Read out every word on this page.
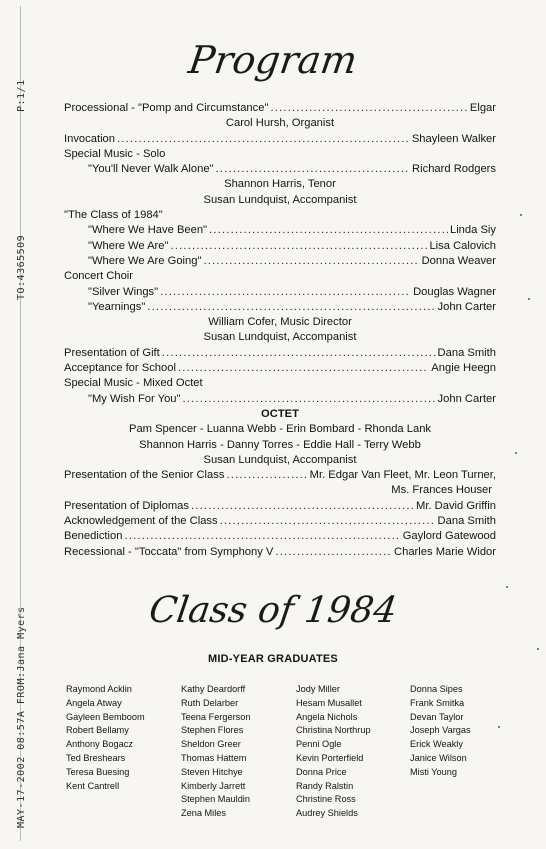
P:1/1
TO:4365509
MAY-17-2002 08:57A FROM:Jana Myers
Program
Processional - "Pomp and Circumstance" .....	Elgar
Carol Hursh, Organist
Invocation .....	Shayleen Walker
Special Music - Solo
"You'll Never Walk Alone" .....	Richard Rodgers
Shannon Harris, Tenor
Susan Lundquist, Accompanist
"The Class of 1984"
"Where We Have Been" .....	Linda Siy
"Where We Are" .....	Lisa Calovich
"Where We Are Going" .....	Donna Weaver
Concert Choir
"Silver Wings" .....	Douglas Wagner
"Yearnings" .....	John Carter
William Cofer, Music Director
Susan Lundquist, Accompanist
Presentation of Gift .....	Dana Smith
Acceptance for School .....	Angie Heegn
Special Music - Mixed Octet
"My Wish For You" .....	John Carter
OCTET
Pam Spencer - Luanna Webb - Erin Bombard - Rhonda Lank
Shannon Harris - Danny Torres - Eddie Hall - Terry Webb
Susan Lundquist, Accompanist
Presentation of the Senior Class .....	Mr. Edgar Van Fleet, Mr. Leon Turner,
Ms. Frances Houser
Presentation of Diplomas .....	Mr. David Griffin
Acknowledgement of the Class .....	Dana Smith
Benediction .....	Gaylord Gatewood
Recessional - "Toccata" from Symphony V .....	Charles Marie Widor
Class of 1984
MID-YEAR GRADUATES
Raymond Acklin
Angela Atway
Gayleen Bemboom
Robert Bellamy
Anthony Bogacz
Ted Breshears
Teresa Buesing
Kent Cantrell
Kathy Deardorff
Ruth Delarber
Teena Fergerson
Stephen Flores
Sheldon Greer
Thomas Hattem
Steven Hitchye
Kimberly Jarrett
Stephen Mauldin
Zena Miles
Jody Miller
Hesam Musallet
Angela Nichols
Christina Northrup
Penni Ogle
Kevin Porterfield
Donna Price
Randy Ralstin
Christine Ross
Audrey Shields
Donna Sipes
Frank Smitka
Devan Taylor
Joseph Vargas
Erick Weakly
Janice Wilson
Misti Young
